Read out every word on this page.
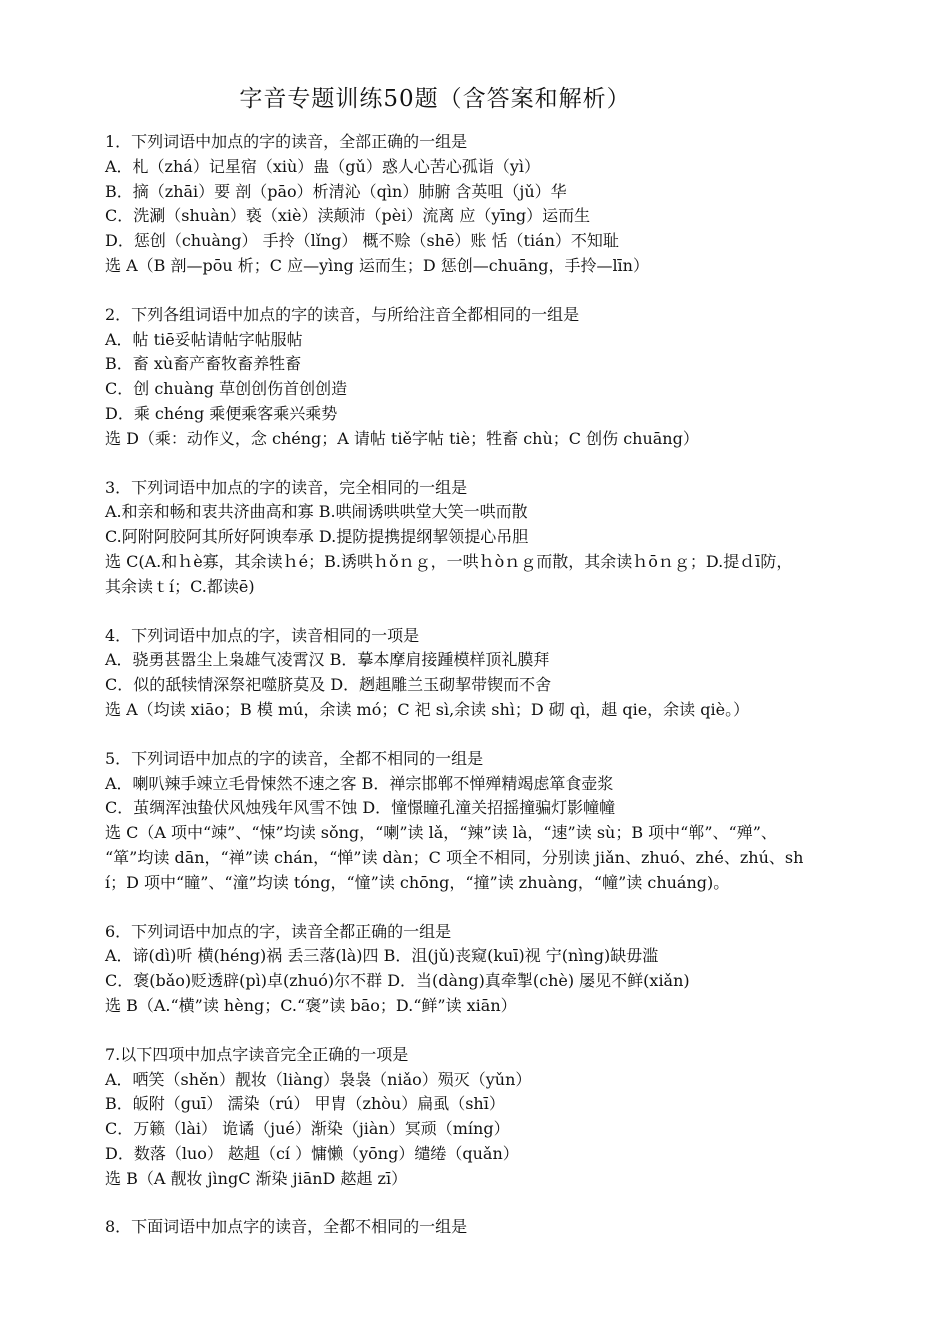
字音专题训练50题（含答案和解析）
1．下列词语中加点的字的读音，全部正确的一组是
A．札（zhá）记星宿（xiù）蛊（gǔ）惑人心苦心孤诣（yì）
B．摘（zhāi）要 剖（pāo）析清沁（qìn）肺腑 含英咀（jǔ）华
C．洗涮（shuàn）亵（xiè）渎颠沛（pèi）流离 应（yīng）运而生
D．惩创（chuàng） 手拎（lǐng） 概不赊（shē）账 恬（tián）不知耻
选 A（B 剖—pōu 析；C 应—yìng 运而生；D 惩创—chuāng，手拎—līn）
2．下列各组词语中加点的字的读音，与所给注音全都相同的一组是
A．帖 tiē妥帖请帖字帖服帖
B．畜 xù畜产畜牧畜养牲畜
C．创 chuàng 草创创伤首创创造
D．乘 chéng 乘便乘客乘兴乘势
选 D（乘：动作义，念 chéng；A 请帖 tiě字帖 tiè；牲畜 chù；C 创伤 chuāng）
3．下列词语中加点的字的读音，完全相同的一组是
A.和亲和畅和衷共济曲高和寡 B.哄闹诱哄哄堂大笑一哄而散
C.阿附阿胶阿其所好阿谀奉承 D.提防提携提纲挈领提心吊胆
选 C(A.和ｈè寡，其余读ｈé；B.诱哄ｈǒｎｇ，一哄ｈòｎｇ而散，其余读ｈōｎｇ；D.提ｄī防，
其余读ｔí；C.都读ē)
4．下列词语中加点的字，读音相同的一项是
A．骁勇甚嚣尘上枭雄气凌霄汉 B．摹本摩肩接踵模样顶礼膜拜
C．似的舐犊情深祭祀噬脐莫及 D．趔趄雕兰玉砌挈带锲而不舍
选 A（均读 xiāo；B 模 mú，余读 mó；C 祀 sì,余读 shì；D 砌 qì，趄 qie，余读 qiè。）
5．下列词语中加点的字的读音，全都不相同的一组是
A．喇叭辣手竦立毛骨悚然不速之客 B．禅宗邯郸不惮殚精竭虑箪食壶浆
C．茧绸浑浊蛰伏风烛残年风雪不蚀 D．憧憬瞳孔潼关招摇撞骗灯影幢幢
选 C（A 项中“竦”、“悚”均读 sǒng，“喇”读 lǎ，“辣”读 là，“速”读 sù；B 项中“郸”、“殚”、
“箪”均读 dān，“禅”读 chán，“惮”读 dàn；C 项全不相同，分别读 jiǎn、zhuó、zhé、zhú、sh
í；D 项中“瞳”、“潼”均读 tóng，“憧”读 chōng，“撞”读 zhuàng，“幢”读 chuáng)。
6．下列词语中加点的字，读音全都正确的一组是
A．谛(dì)听 横(héng)祸 丢三落(là)四 B．沮(jǔ)丧窥(kuī)视 宁(nìng)缺毋滥
C．褒(bǎo)贬透辟(pì)卓(zhuó)尔不群 D．当(dàng)真牵掣(chè) 屡见不鲜(xiǎn)
选 B（A.“横”读 hèng；C.“褒”读 bāo；D.“鲜”读 xiān）
7.以下四项中加点字读音完全正确的一项是
A．哂笑（shěn）靓妆（liàng）袅袅（niǎo）殒灭（yǔn）
B．皈附（guī） 濡染（rú） 甲胄（zhòu）扁虱（shī）
C．万籁（lài） 诡谲（jué）渐染（jiàn）冥顽（míng）
D．数落（luo） 趑趄（cí ）慵懒（yōng）缱绻（quǎn）
选 B（A 靓妆 jìngC 渐染 jiānD 趑趄 zī）
8．下面词语中加点字的读音，全都不相同的一组是
